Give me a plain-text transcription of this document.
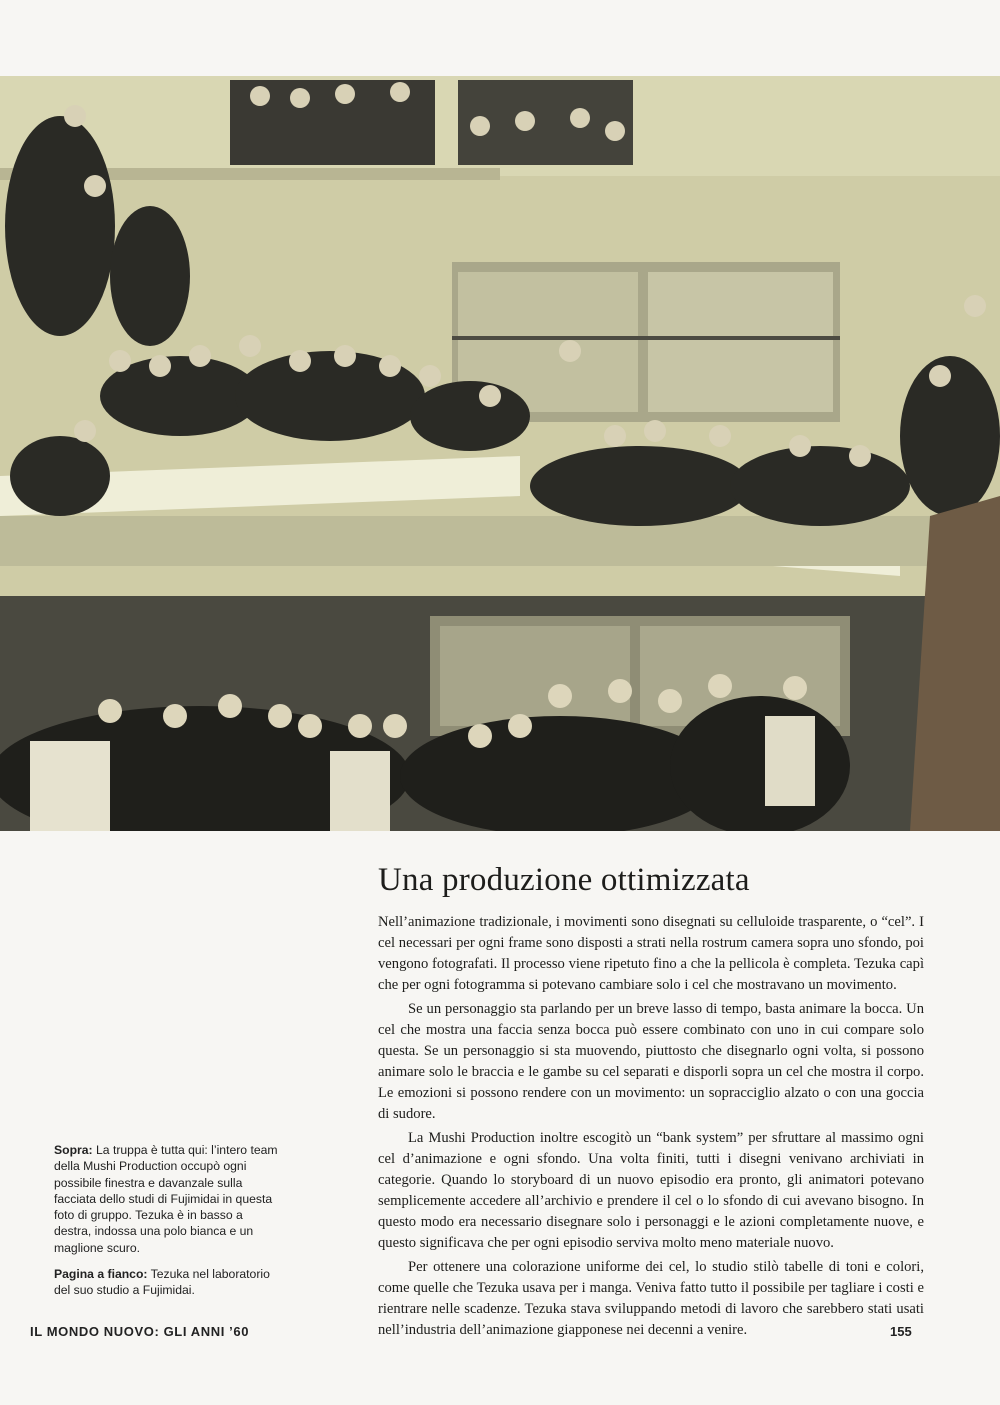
Una produzione ottimizzata

Nell’animazione tradizionale, i movimenti sono disegnati su celluloide trasparente, o “cel”. I cel necessari per ogni frame sono disposti a strati nella rostrum camera sopra uno sfondo, poi vengono fotografati. Il processo viene ripetuto fino a che la pellicola è completa. Tezuka capì che per ogni fotogramma si potevano cambiare solo i cel che mostravano un movimento.

Se un personaggio sta parlando per un breve lasso di tempo, basta animare la bocca. Un cel che mostra una faccia senza bocca può essere combinato con uno in cui compare solo questa. Se un personaggio si sta muovendo, piuttosto che disegnarlo ogni volta, si possono animare solo le braccia e le gambe su cel separati e disporli sopra un cel che mostra il corpo. Le emozioni si possono rendere con un movimento: un sopracciglio alzato o con una goccia di sudore.

La Mushi Production inoltre escogitò un “bank system” per sfruttare al massimo ogni cel d’animazione e ogni sfondo. Una volta finiti, tutti i disegni venivano archiviati in categorie. Quando lo storyboard di un nuovo episodio era pronto, gli animatori potevano semplicemente accedere all’archivio e prendere il cel o lo sfondo di cui avevano bisogno. In questo modo era necessario disegnare solo i personaggi e le azioni completamente nuove, e questo significava che per ogni episodio serviva molto meno materiale nuovo.

Per ottenere una colorazione uniforme dei cel, lo studio stilò tabelle di toni e colori, come quelle che Tezuka usava per i manga. Veniva fatto tutto il possibile per tagliare i costi e rientrare nelle scadenze. Tezuka stava sviluppando metodi di lavoro che sarebbero stati usati nell’industria dell’animazione giapponese nei decenni a venire.

Sopra: La truppa è tutta qui: l’intero team della Mushi Production occupò ogni possibile finestra e davanzale sulla facciata dello studi di Fujimidai in questa foto di gruppo. Tezuka è in basso a destra, indossa una polo bianca e un maglione scuro.

Pagina a fianco: Tezuka nel laboratorio del suo studio a Fujimidai.

IL MONDO NUOVO: GLI ANNI ’60	155
